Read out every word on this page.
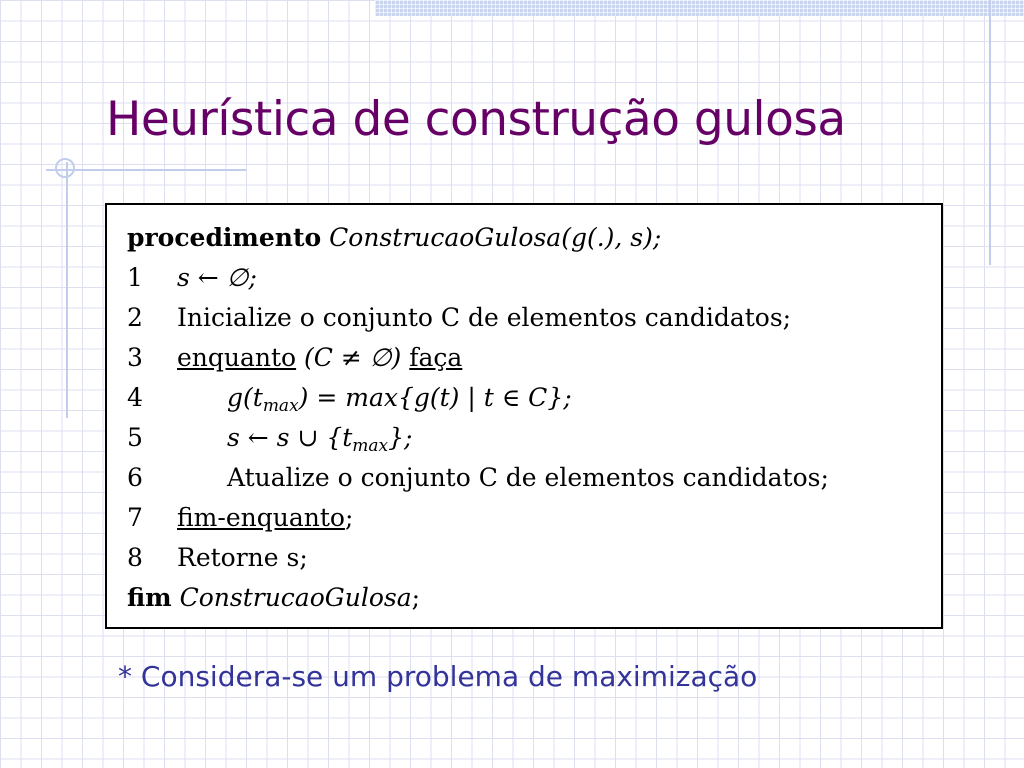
Heurística de construção gulosa
procedimento ConstrucaoGulosa(g(.), s);
1 s ← ∅;
2 Inicialize o conjunto C de elementos candidatos;
3 enquanto (C ≠ ∅) faça
4	$g(t_{max}) = \max\{g(t)$ | t ∈ C};
5	s ← s ∪ $\{t_{max}\}$;
6	Atualize o conjunto C de elementos candidatos;
7 fim-enquanto;
8 Retorne s;
fim ConstrucaoGulosa;

* Considera-se um problema de maximização
